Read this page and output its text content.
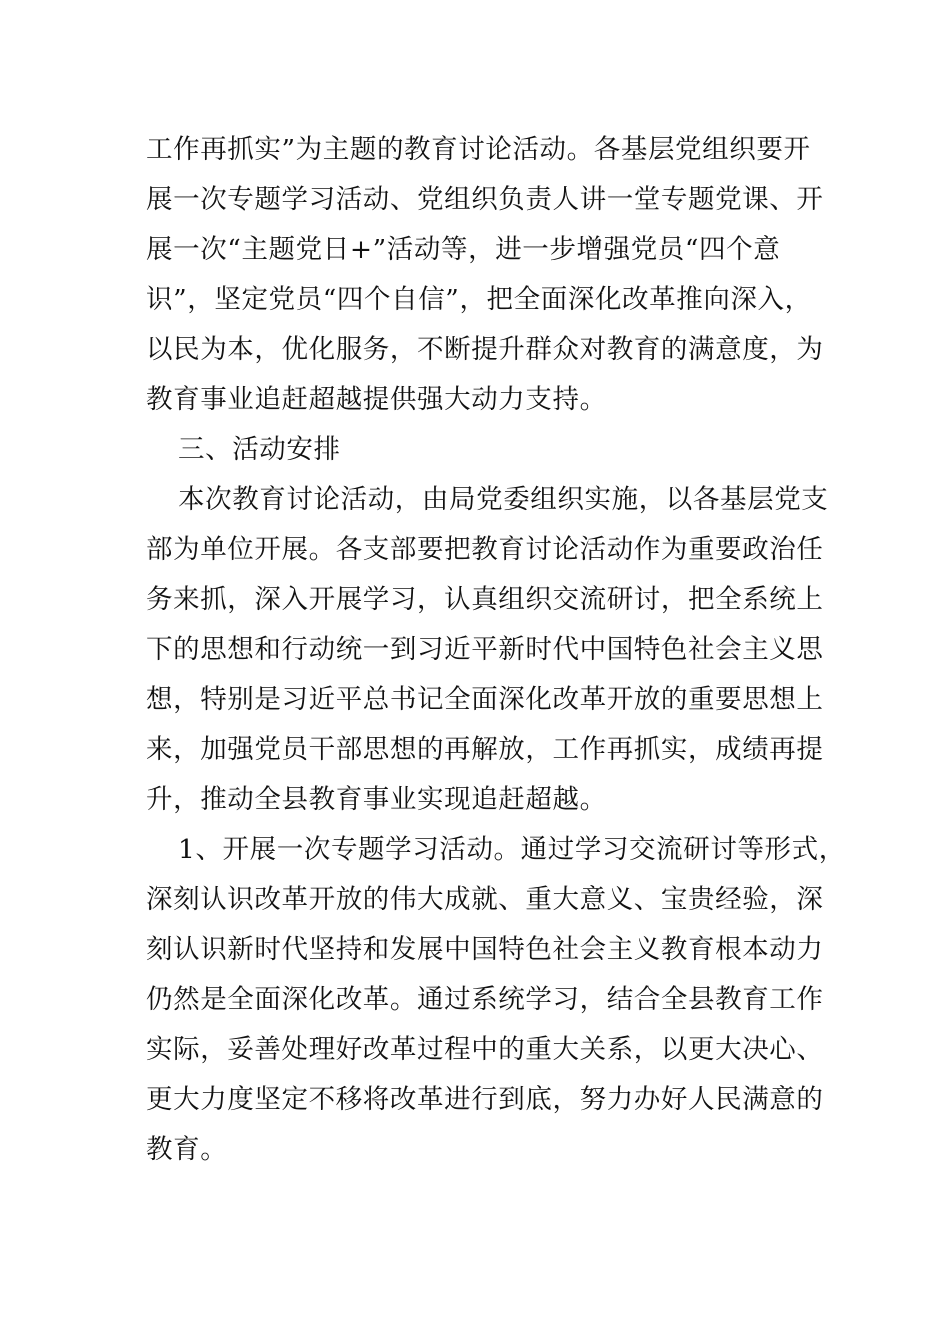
工作再抓实”为主题的教育讨论活动。各基层党组织要开
展一次专题学习活动、党组织负责人讲一堂专题党课、开
展一次“主题党日+”活动等，进一步增强党员“四个意
识”，坚定党员“四个自信”，把全面深化改革推向深入，
以民为本，优化服务，不断提升群众对教育的满意度，为
教育事业追赶超越提供强大动力支持。
三、活动安排
本次教育讨论活动，由局党委组织实施，以各基层党支
部为单位开展。各支部要把教育讨论活动作为重要政治任
务来抓，深入开展学习，认真组织交流研讨，把全系统上
下的思想和行动统一到习近平新时代中国特色社会主义思
想，特别是习近平总书记全面深化改革开放的重要思想上
来，加强党员干部思想的再解放，工作再抓实，成绩再提
升，推动全县教育事业实现追赶超越。
1、开展一次专题学习活动。通过学习交流研讨等形式，
深刻认识改革开放的伟大成就、重大意义、宝贵经验，深
刻认识新时代坚持和发展中国特色社会主义教育根本动力
仍然是全面深化改革。通过系统学习，结合全县教育工作
实际，妥善处理好改革过程中的重大关系，以更大决心、
更大力度坚定不移将改革进行到底，努力办好人民满意的
教育。
